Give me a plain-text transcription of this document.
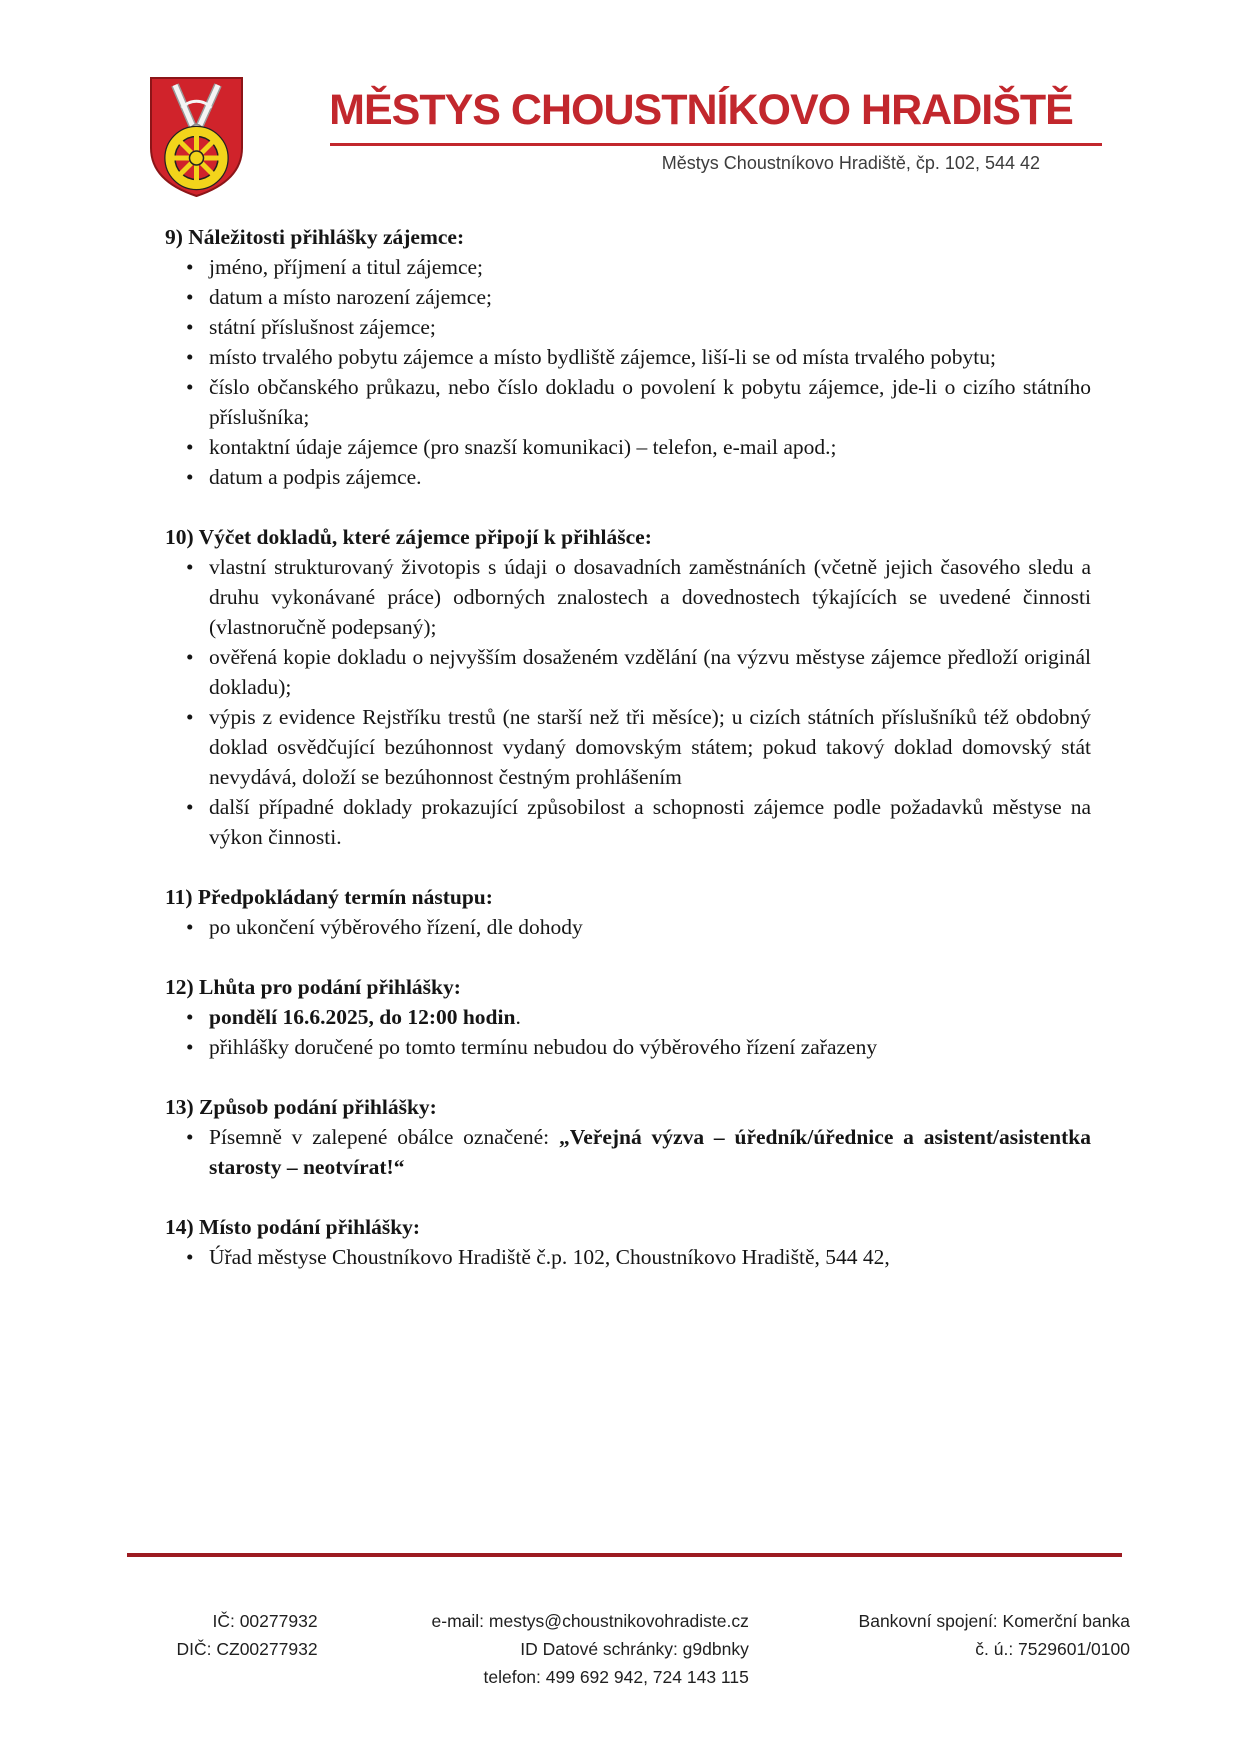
MĚSTYS CHOUSTNÍKOVO HRADIŠTĚ
Městys Choustníkovo Hradiště, čp. 102, 544 42
9) Náležitosti přihlášky zájemce:
• jméno, příjmení a titul zájemce;
• datum a místo narození zájemce;
• státní příslušnost zájemce;
• místo trvalého pobytu zájemce a místo bydliště zájemce, liší-li se od místa trvalého pobytu;
• číslo občanského průkazu, nebo číslo dokladu o povolení k pobytu zájemce, jde-li o cizího státního příslušníka;
• kontaktní údaje zájemce (pro snazší komunikaci) – telefon, e-mail apod.;
• datum a podpis zájemce.
10) Výčet dokladů, které zájemce připojí k přihlášce:
• vlastní strukturovaný životopis s údaji o dosavadních zaměstnáních (včetně jejich časového sledu a druhu vykonávané práce) odborných znalostech a dovednostech týkajících se uvedené činnosti (vlastnoručně podepsaný);
• ověřená kopie dokladu o nejvyšším dosaženém vzdělání (na výzvu městyse zájemce předloží originál dokladu);
• výpis z evidence Rejstříku trestů (ne starší než tři měsíce); u cizích státních příslušníků též obdobný doklad osvědčující bezúhonnost vydaný domovským státem; pokud takový doklad domovský stát nevydává, doloží se bezúhonnost čestným prohlášením
• další případné doklady prokazující způsobilost a schopnosti zájemce podle požadavků městyse na výkon činnosti.
11) Předpokládaný termín nástupu:
• po ukončení výběrového řízení, dle dohody
12) Lhůta pro podání přihlášky:
• pondělí 16.6.2025, do 12:00 hodin.
• přihlášky doručené po tomto termínu nebudou do výběrového řízení zařazeny
13) Způsob podání přihlášky:
• Písemně v zalepené obálce označené: „Veřejná výzva – úředník/úřednice a asistent/asistentka starosty – neotvírat!“
14) Místo podání přihlášky:
• Úřad městyse Choustníkovo Hradiště č.p. 102, Choustníkovo Hradiště, 544 42,
IČ: 00277932
DIČ: CZ00277932
e-mail: mestys@choustnikovohradiste.cz
ID Datové schránky: g9dbnky
telefon: 499 692 942, 724 143 115
Bankovní spojení: Komerční banka
č. ú.: 7529601/0100
